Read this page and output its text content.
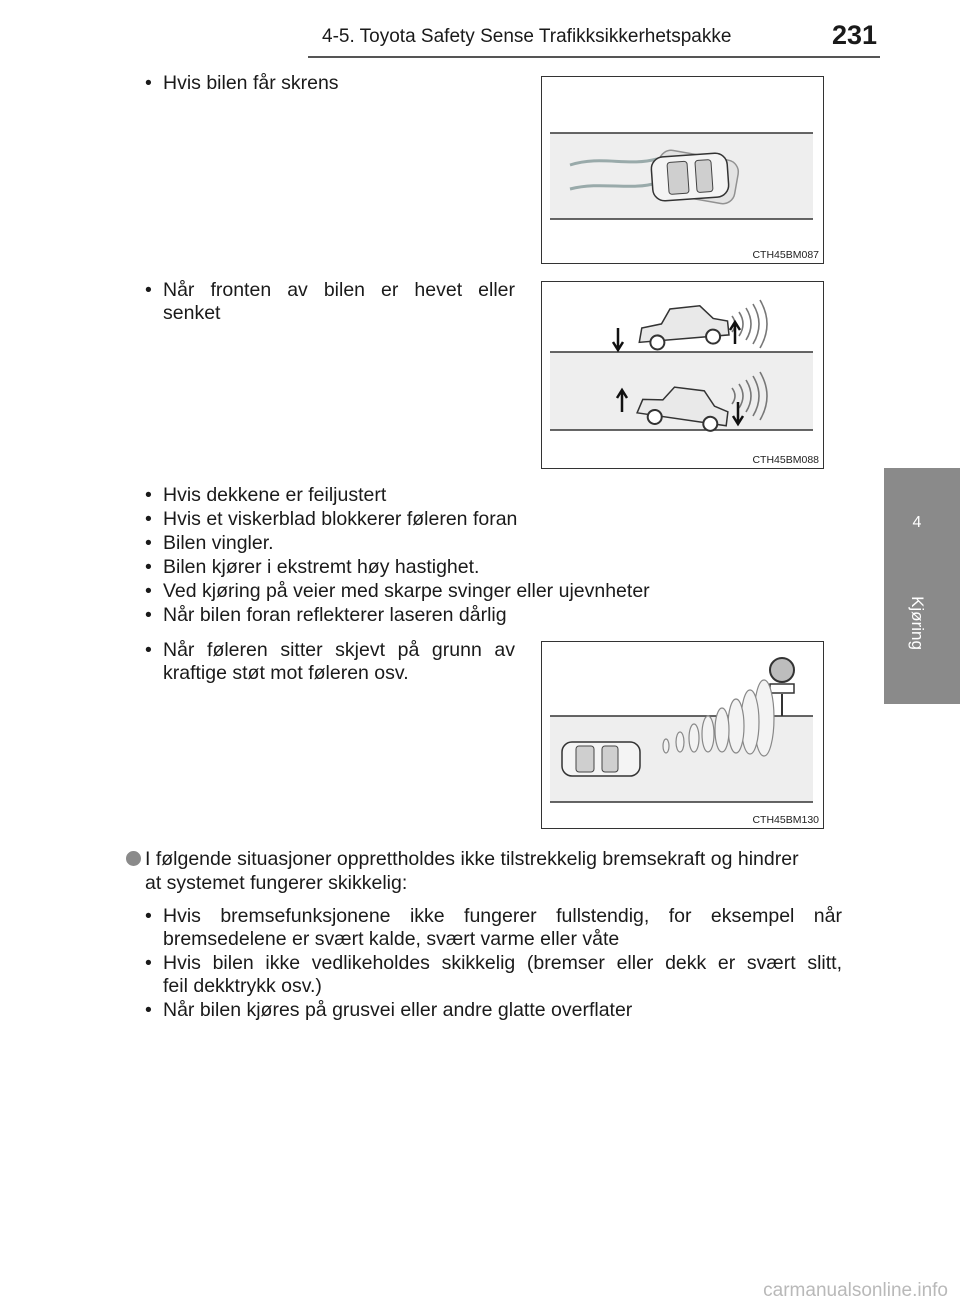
4-5. Toyota Safety Sense Trafikksikkerhetspakke	231
4
Kjøring
• Hvis bilen får skrens
CTH45BM087
• Når fronten av bilen er hevet eller
senket
CTH45BM088
• Hvis dekkene er feiljustert
• Hvis et viskerblad blokkerer føleren foran
• Bilen vingler.
• Bilen kjører i ekstremt høy hastighet.
• Ved kjøring på veier med skarpe svinger eller ujevnheter
• Når bilen foran reflekterer laseren dårlig
• Når føleren sitter skjevt på grunn av
kraftige støt mot føleren osv.
CTH45BM130
I følgende situasjoner opprettholdes ikke tilstrekkelig bremsekraft og hindrer
at systemet fungerer skikkelig:
• Hvis bremsefunksjonene ikke fungerer fullstendig, for eksempel når
bremsedelene er svært kalde, svært varme eller våte
• Hvis bilen ikke vedlikeholdes skikkelig (bremser eller dekk er svært slitt,
feil dekktrykk osv.)
• Når bilen kjøres på grusvei eller andre glatte overflater
carmanualsonline.info
